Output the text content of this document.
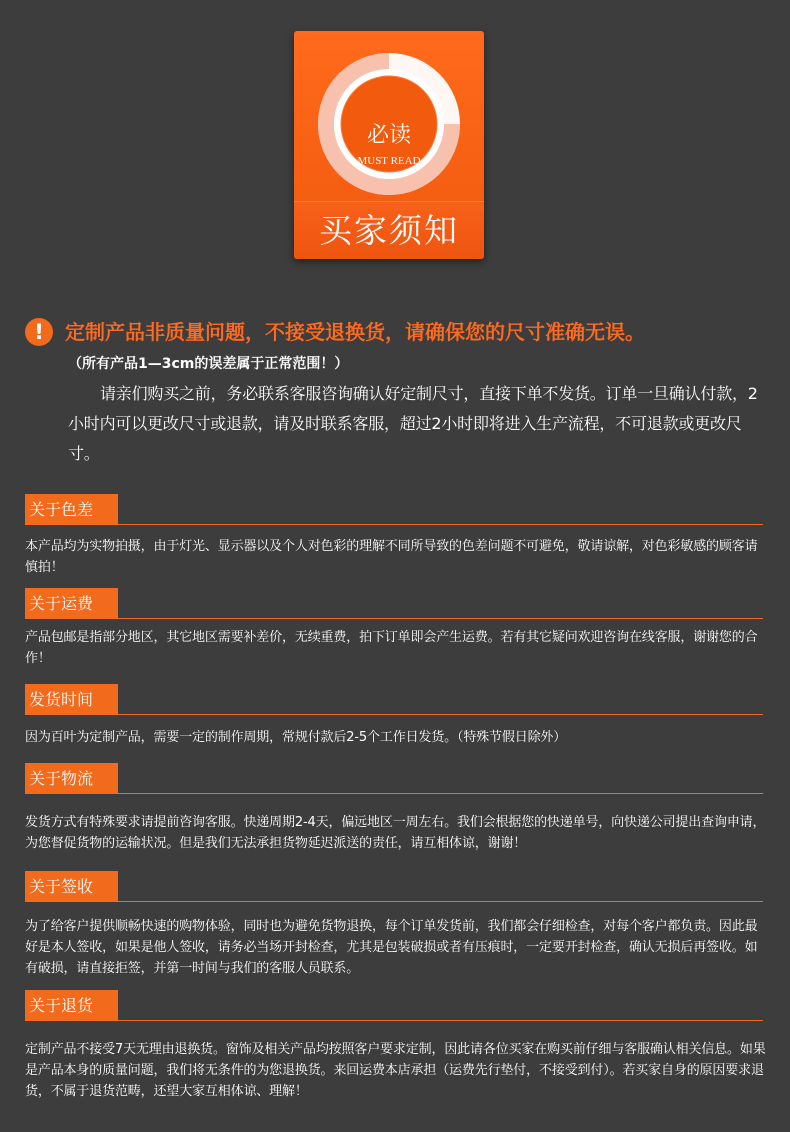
必读
MUST READ
买家须知
!	定制产品非质量问题，不接受退换货，请确保您的尺寸准确无误。
（所有产品1—3cm的误差属于正常范围！）
请亲们购买之前，务必联系客服咨询确认好定制尺寸，直接下单不发货。订单一旦确认付款，2小时内可以更改尺寸或退款，请及时联系客服，超过2小时即将进入生产流程，不可退款或更改尺寸。
关于色差
本产品均为实物拍摄，由于灯光、显示器以及个人对色彩的理解不同所导致的色差问题不可避免，敬请谅解，对色彩敏感的顾客请慎拍！
关于运费
产品包邮是指部分地区，其它地区需要补差价，无续重费，拍下订单即会产生运费。若有其它疑问欢迎咨询在线客服，谢谢您的合作！
发货时间
因为百叶为定制产品，需要一定的制作周期，常规付款后2-5个工作日发货。（特殊节假日除外）
关于物流
发货方式有特殊要求请提前咨询客服。快递周期2-4天，偏远地区一周左右。我们会根据您的快递单号，向快递公司提出查询申请，为您督促货物的运输状况。但是我们无法承担货物延迟派送的责任，请互相体谅，谢谢！
关于签收
为了给客户提供顺畅快速的购物体验，同时也为避免货物退换，每个订单发货前，我们都会仔细检查，对每个客户都负责。因此最好是本人签收，如果是他人签收，请务必当场开封检查，尤其是包装破损或者有压痕时，一定要开封检查，确认无损后再签收。如有破损，请直接拒签，并第一时间与我们的客服人员联系。
关于退货
定制产品不接受7天无理由退换货。窗饰及相关产品均按照客户要求定制，因此请各位买家在购买前仔细与客服确认相关信息。如果是产品本身的质量问题，我们将无条件的为您退换货。来回运费本店承担（运费先行垫付，不接受到付）。若买家自身的原因要求退货，不属于退货范畴，还望大家互相体谅、理解！
